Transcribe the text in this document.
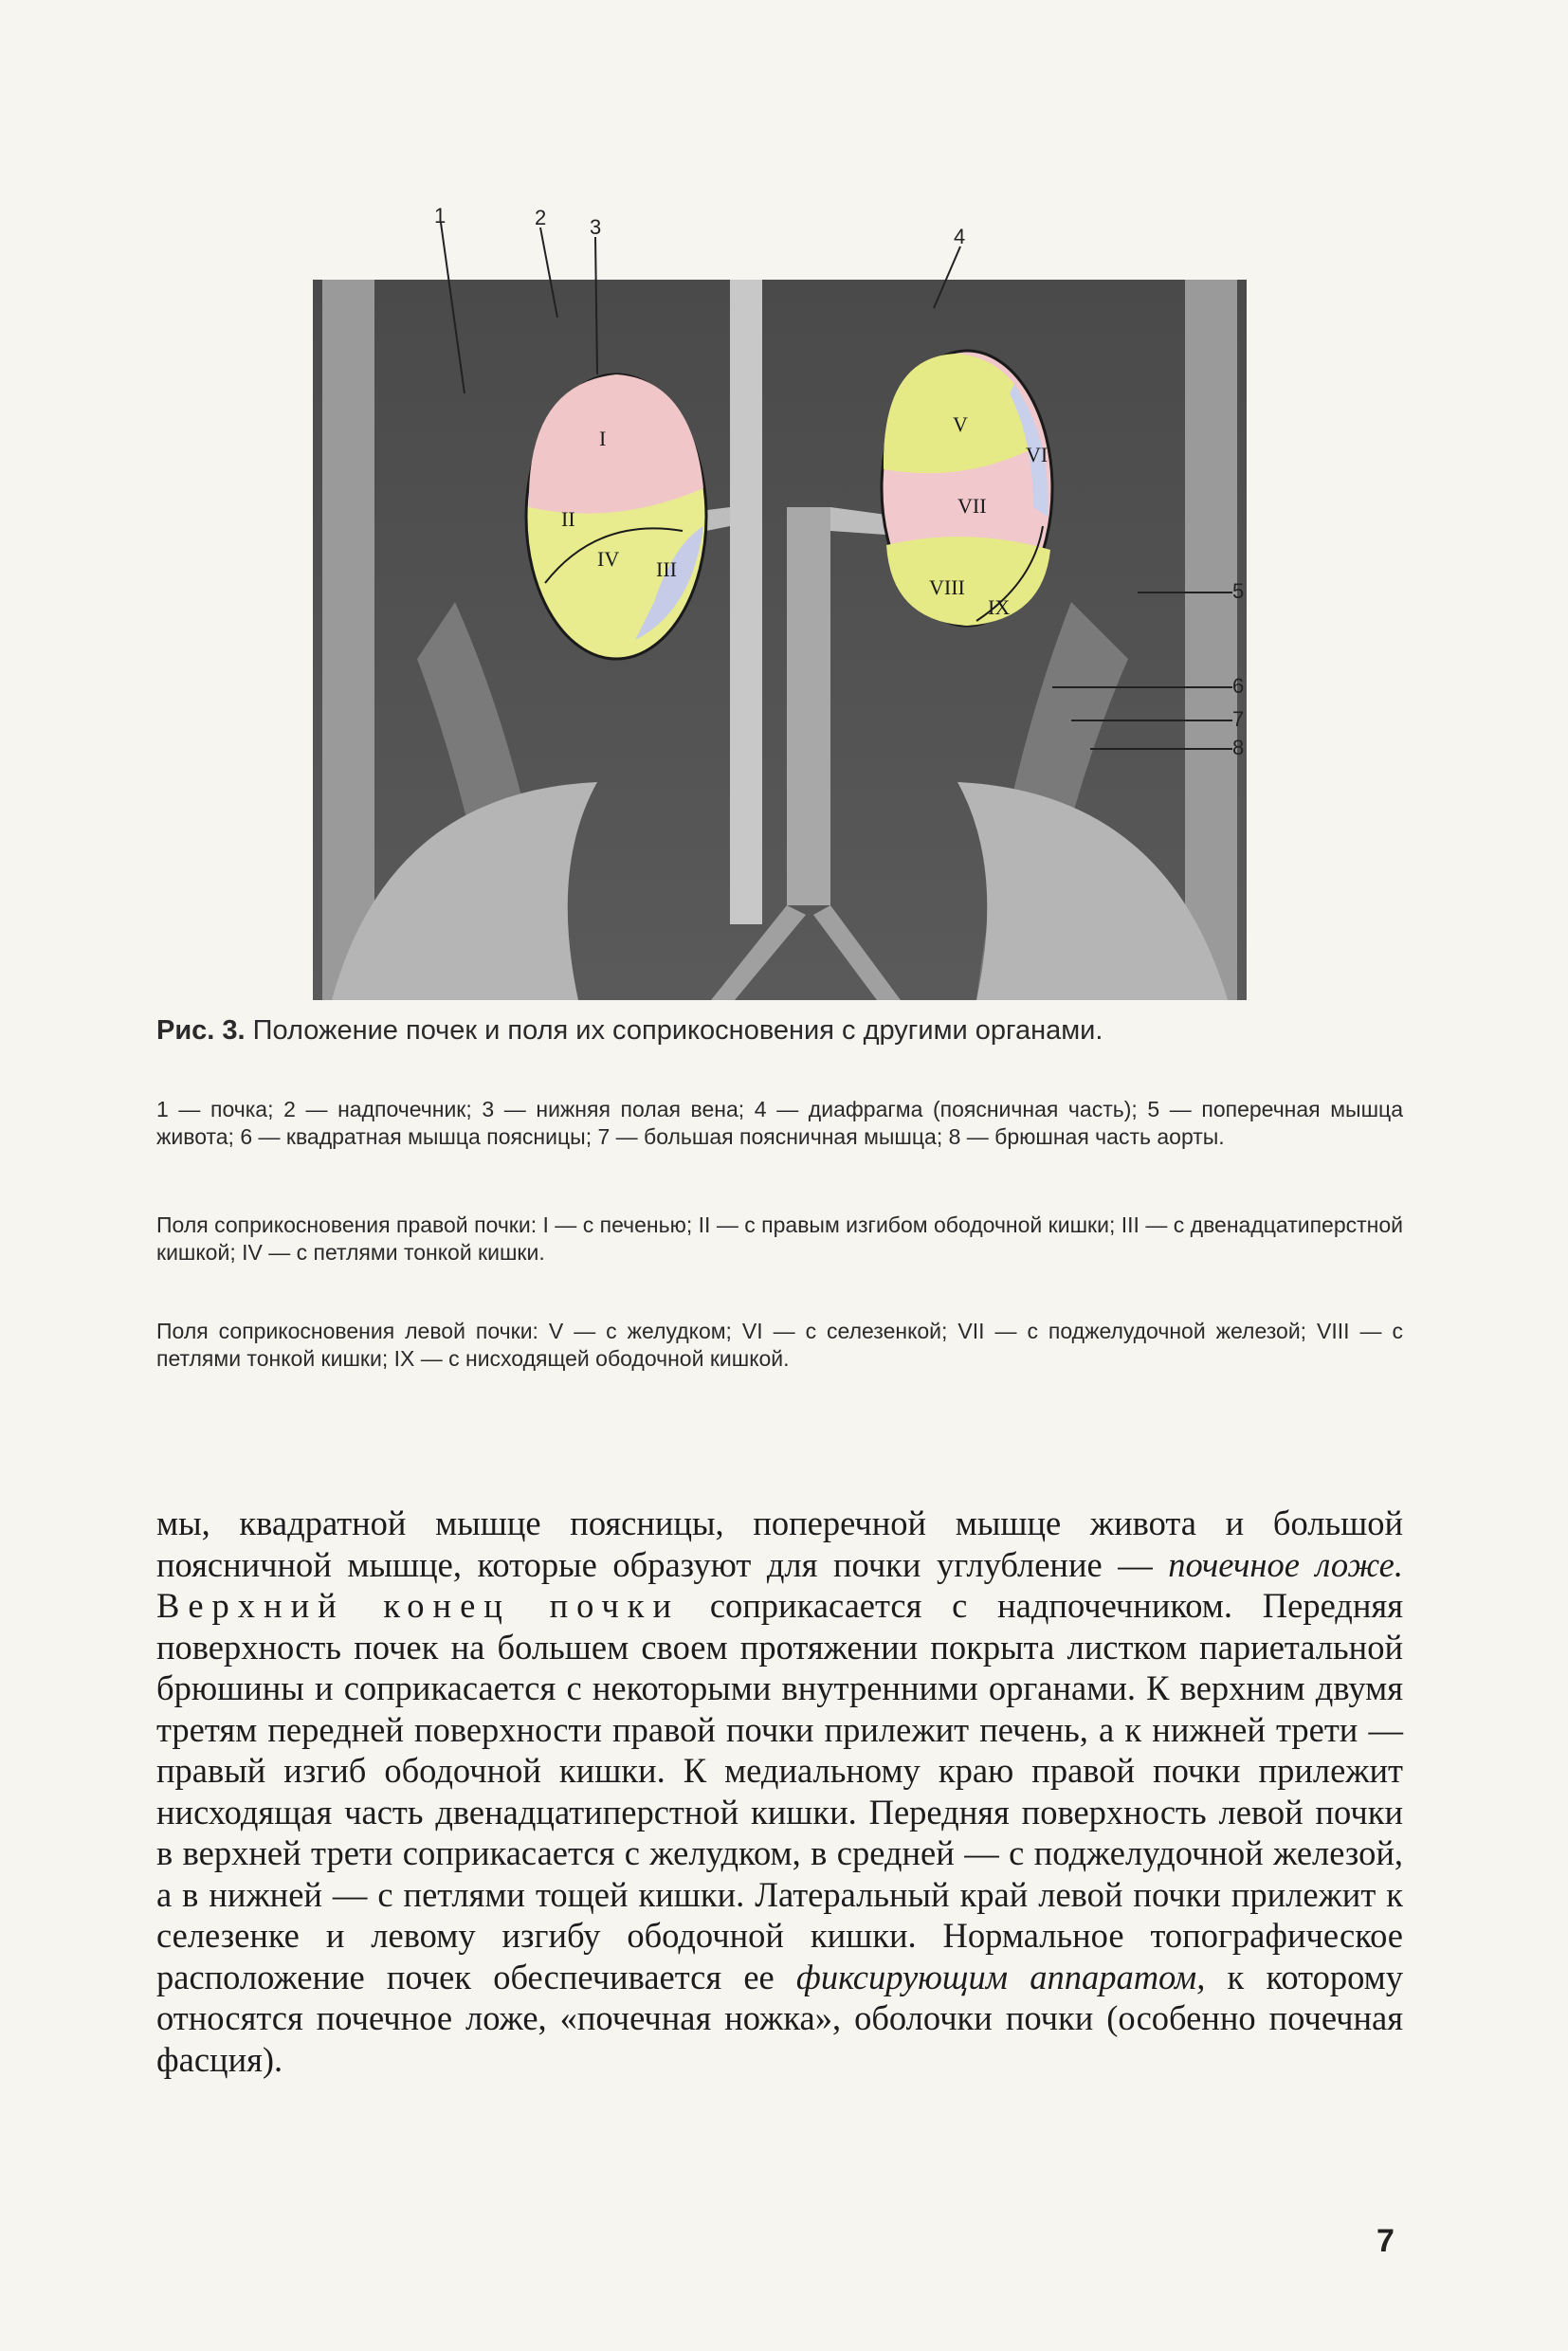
I
II
III
IV
V
VI
VII
VIII
IX
1	2 3	4
5
6
7
8
Рис. 3. Положение почек и поля их соприкосновения с другими органами.
1 — почка; 2 — надпочечник; 3 — нижняя полая вена; 4 — диафрагма (поясничная часть); 5 — поперечная мышца живота; 6 — квадратная мышца поясницы; 7 — большая поясничная мышца; 8 — брюшная часть аорты.
Поля соприкосновения правой почки: I — с печенью; II — с правым изгибом ободочной кишки; III — с двенадцатиперстной кишкой; IV — с петлями тонкой кишки.
Поля соприкосновения левой почки: V — с желудком; VI — с селезенкой; VII — с поджелудочной железой; VIII — с петлями тонкой кишки; IX — с нисходящей ободочной кишкой.
мы, квадратной мышце поясницы, поперечной мышце живота и большой поясничной мышце, которые образуют для почки углубление — почечное ложе. Верхний конец почки соприкасается с надпочечником. Передняя поверхность почек на большем своем протяжении покрыта листком париетальной брюшины и соприкасается с некоторыми внутренними органами. К верхним двумя третям передней поверхности правой почки прилежит печень, а к нижней трети — правый изгиб ободочной кишки. К медиальному краю правой почки прилежит нисходящая часть двенадцатиперстной кишки. Передняя поверхность левой почки в верхней трети соприкасается с желудком, в средней — с поджелудочной железой, а в нижней — с петлями тощей кишки. Латеральный край левой почки прилежит к селезенке и левому изгибу ободочной кишки. Нормальное топографическое расположение почек обеспечивается ее фиксирующим аппаратом, к которому относятся почечное ложе, «почечная ножка», оболочки почки (особенно почечная фасция).
7
